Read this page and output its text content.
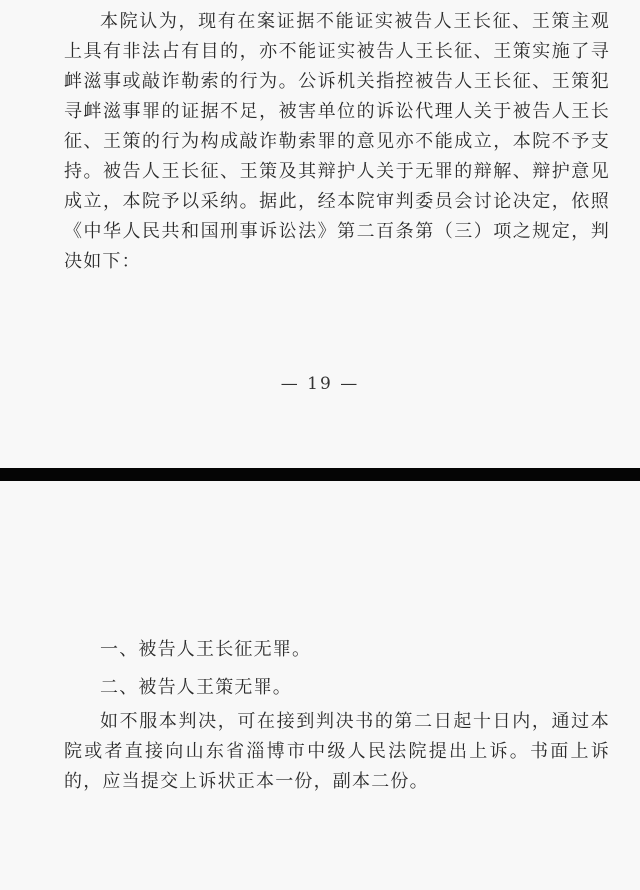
本院认为，现有在案证据不能证实被告人王长征、王策主观上具有非法占有目的，亦不能证实被告人王长征、王策实施了寻衅滋事或敲诈勒索的行为。公诉机关指控被告人王长征、王策犯寻衅滋事罪的证据不足，被害单位的诉讼代理人关于被告人王长征、王策的行为构成敲诈勒索罪的意见亦不能成立，本院不予支持。被告人王长征、王策及其辩护人关于无罪的辩解、辩护意见成立，本院予以采纳。据此，经本院审判委员会讨论决定，依照《中华人民共和国刑事诉讼法》第二百条第（三）项之规定，判决如下：

— 19 —

一、被告人王长征无罪。

二、被告人王策无罪。

如不服本判决，可在接到判决书的第二日起十日内，通过本院或者直接向山东省淄博市中级人民法院提出上诉。书面上诉的，应当提交上诉状正本一份，副本二份。
